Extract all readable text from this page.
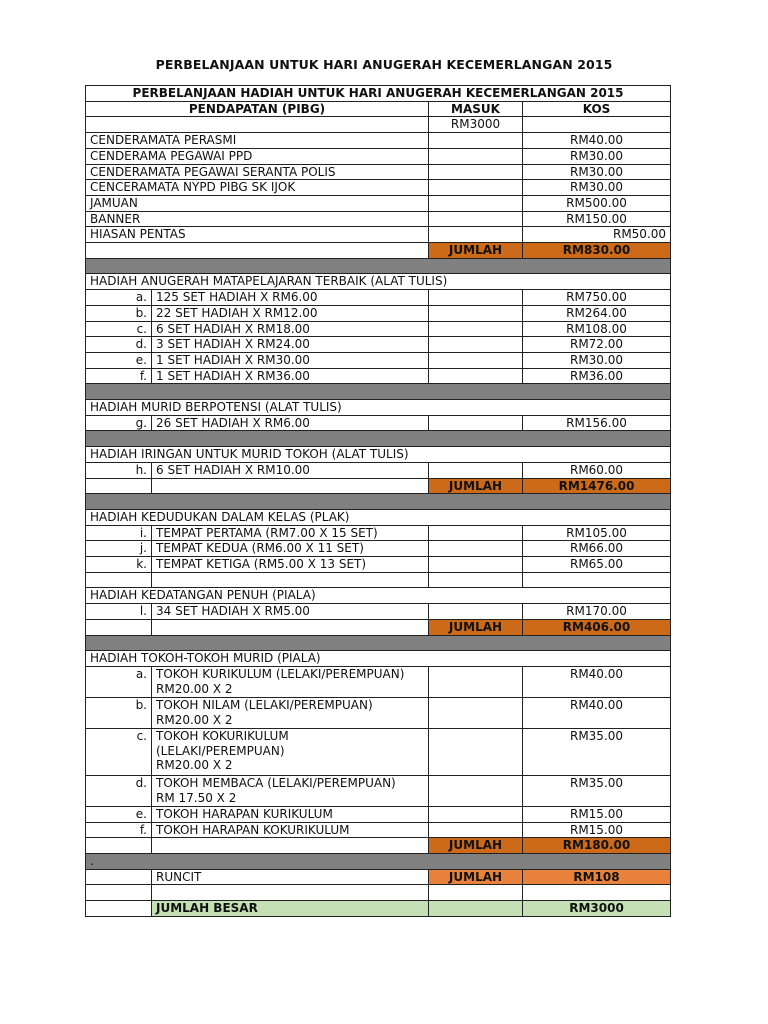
PERBELANJAAN UNTUK HARI ANUGERAH KECEMERLANGAN 2015
PERBELANJAAN HADIAH UNTUK HARI ANUGERAH KECEMERLANGAN 2015			
PENDAPATAN (PIBG)		MASUK	KOS
		RM3000	
CENDERAMATA PERASMI			RM40.00
CENDERAMA PEGAWAI PPD			RM30.00
CENDERAMATA PEGAWAI SERANTA POLIS			RM30.00
CENCERAMATA NYPD PIBG SK IJOK			RM30.00
JAMUAN			RM500.00
BANNER			RM150.00
HIASAN PENTAS			RM50.00
		JUMLAH	RM830.00

HADIAH ANUGERAH MATAPELAJARAN TERBAIK (ALAT TULIS)			
a.	125 SET HADIAH X RM6.00		RM750.00
b.	22 SET HADIAH X RM12.00		RM264.00
c.	6 SET HADIAH X RM18.00		RM108.00
d.	3 SET HADIAH X RM24.00		RM72.00
e.	1 SET HADIAH X RM30.00		RM30.00
f.	1 SET HADIAH X RM36.00		RM36.00

HADIAH MURID BERPOTENSI (ALAT TULIS)			
g.	26 SET HADIAH X RM6.00		RM156.00

HADIAH IRINGAN UNTUK MURID TOKOH (ALAT TULIS)			
h.	6 SET HADIAH X RM10.00		RM60.00
		JUMLAH	RM1476.00

HADIAH KEDUDUKAN DALAM KELAS (PLAK)			
i.	TEMPAT PERTAMA (RM7.00 X 15 SET)		RM105.00
j.	TEMPAT KEDUA (RM6.00 X 11 SET)		RM66.00
k.	TEMPAT KETIGA (RM5.00 X 13 SET)		RM65.00

HADIAH KEDATANGAN PENUH (PIALA)			
l.	34 SET HADIAH X RM5.00		RM170.00
		JUMLAH	RM406.00

HADIAH TOKOH-TOKOH MURID (PIALA)			
a.	TOKOH KURIKULUM (LELAKI/PEREMPUAN)
RM20.00 X 2		RM40.00
b.	TOKOH NILAM (LELAKI/PEREMPUAN)
RM20.00 X 2		RM40.00
c.	TOKOH KOKURIKULUM
(LELAKI/PEREMPUAN)
RM20.00 X 2		RM35.00
d.	TOKOH MEMBACA (LELAKI/PEREMPUAN)
RM 17.50 X 2		RM35.00
e.	TOKOH HARAPAN KURIKULUM		RM15.00
f.	TOKOH HARAPAN KOKURIKULUM		RM15.00
		JUMLAH	RM180.00
.			
	RUNCIT	JUMLAH	RM108

	JUMLAH BESAR		RM3000
